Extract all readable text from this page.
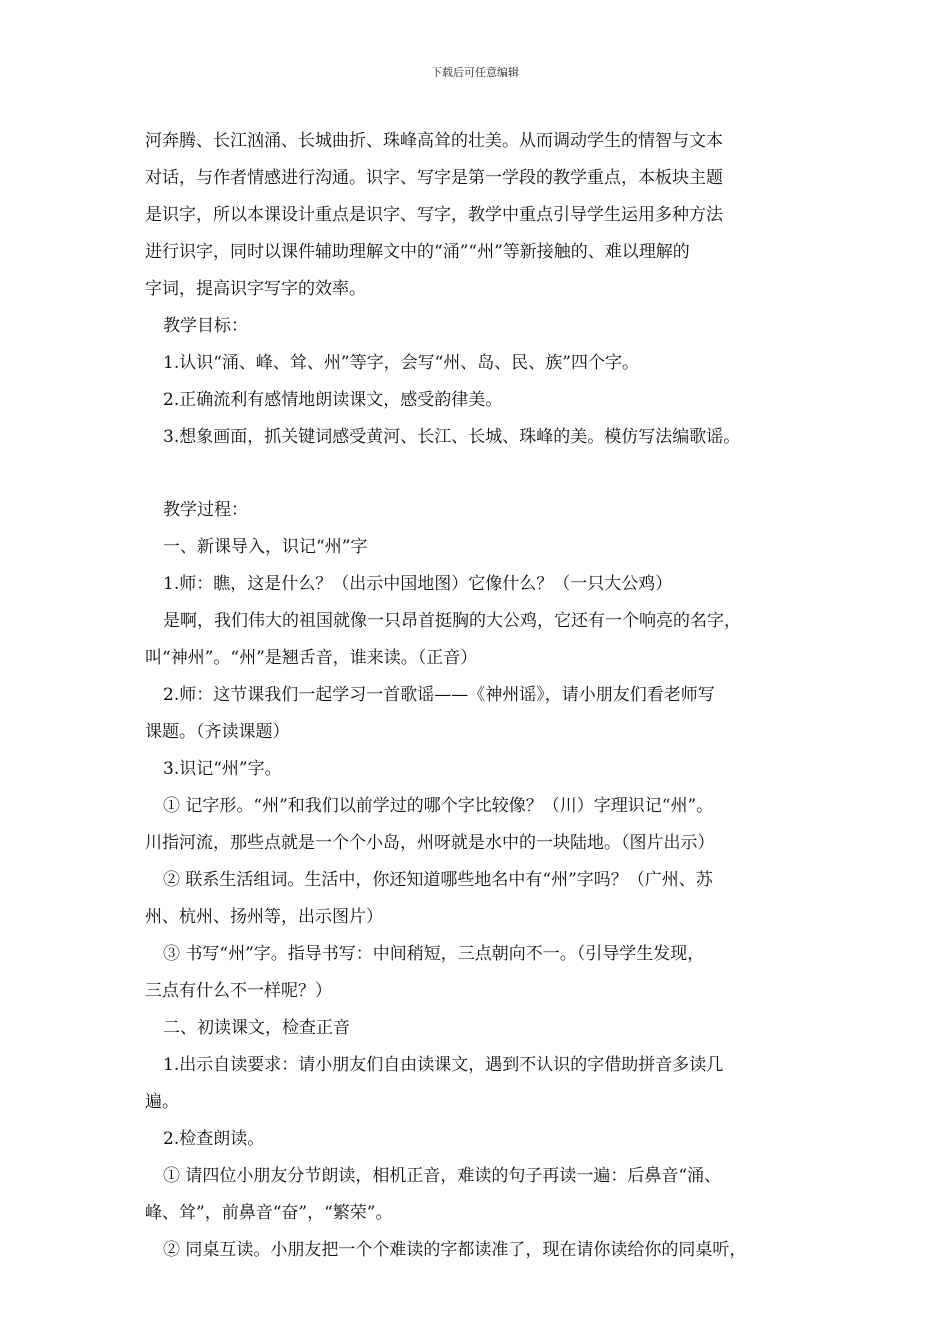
下载后可任意编辑
河奔腾、长江汹涌、长城曲折、珠峰高耸的壮美。从而调动学生的情智与文本
对话，与作者情感进行沟通。识字、写字是第一学段的教学重点，本板块主题
是识字，所以本课设计重点是识字、写字，教学中重点引导学生运用多种方法
进行识字，同时以课件辅助理解文中的“涌”“州”等新接触的、难以理解的
字词，提高识字写字的效率。
教学目标：
1.认识“涌、峰、耸、州”等字，会写“州、岛、民、族”四个字。
2.正确流利有感情地朗读课文，感受韵律美。
3.想象画面，抓关键词感受黄河、长江、长城、珠峰的美。模仿写法编歌谣。
教学过程：
一、新课导入，识记“州”字
1.师：瞧，这是什么？（出示中国地图）它像什么？（一只大公鸡）
是啊，我们伟大的祖国就像一只昂首挺胸的大公鸡，它还有一个响亮的名字，
叫“神州”。“州”是翘舌音，谁来读。（正音）
2.师：这节课我们一起学习一首歌谣——《神州谣》，请小朋友们看老师写
课题。（齐读课题）
3.识记“州”字。
① 记字形。“州”和我们以前学过的哪个字比较像？（川）字理识记“州”。
川指河流，那些点就是一个个小岛，州呀就是水中的一块陆地。（图片出示）
② 联系生活组词。生活中，你还知道哪些地名中有“州”字吗？（广州、苏
州、杭州、扬州等，出示图片）
③ 书写“州”字。指导书写：中间稍短，三点朝向不一。（引导学生发现，
三点有什么不一样呢？）
二、初读课文，检查正音
1.出示自读要求：请小朋友们自由读课文，遇到不认识的字借助拼音多读几
遍。
2.检查朗读。
① 请四位小朋友分节朗读，相机正音，难读的句子再读一遍：后鼻音“涌、
峰、耸”，前鼻音“奋”，“繁荣”。
② 同桌互读。小朋友把一个个难读的字都读准了，现在请你读给你的同桌听，
